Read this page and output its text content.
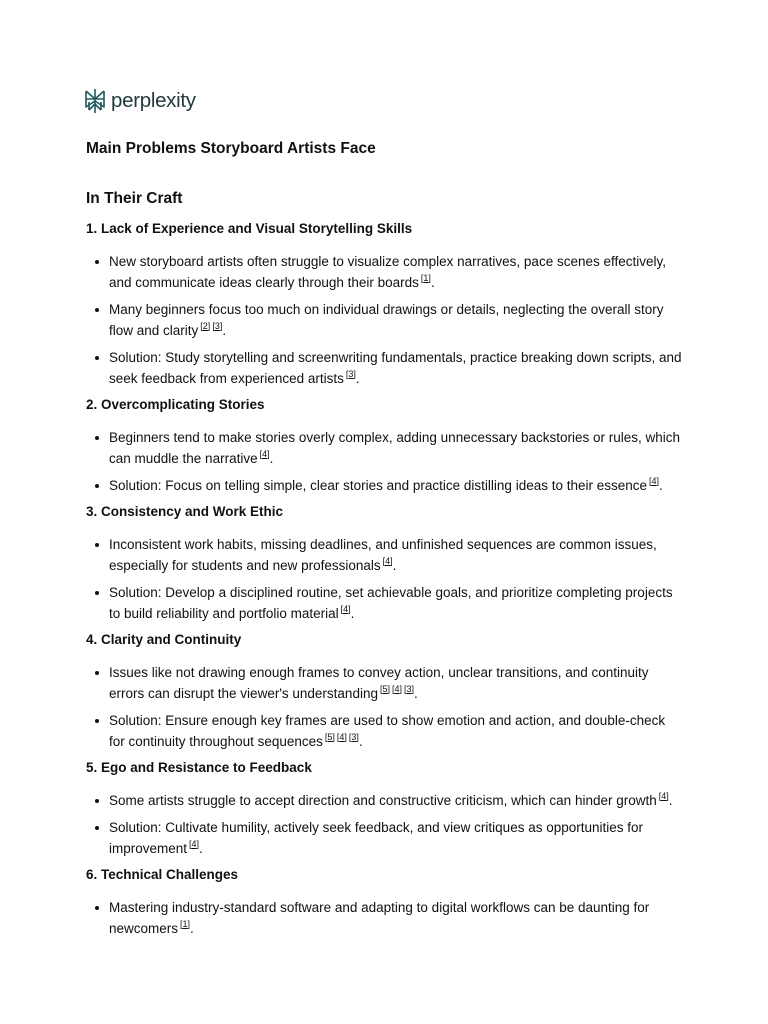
perplexity
Main Problems Storyboard Artists Face
In Their Craft
1. Lack of Experience and Visual Storytelling Skills
New storyboard artists often struggle to visualize complex narratives, pace scenes effectively, and communicate ideas clearly through their boards [1].
Many beginners focus too much on individual drawings or details, neglecting the overall story flow and clarity [2] [3].
Solution: Study storytelling and screenwriting fundamentals, practice breaking down scripts, and seek feedback from experienced artists [3].
2. Overcomplicating Stories
Beginners tend to make stories overly complex, adding unnecessary backstories or rules, which can muddle the narrative [4].
Solution: Focus on telling simple, clear stories and practice distilling ideas to their essence [4].
3. Consistency and Work Ethic
Inconsistent work habits, missing deadlines, and unfinished sequences are common issues, especially for students and new professionals [4].
Solution: Develop a disciplined routine, set achievable goals, and prioritize completing projects to build reliability and portfolio material [4].
4. Clarity and Continuity
Issues like not drawing enough frames to convey action, unclear transitions, and continuity errors can disrupt the viewer's understanding [5] [4] [3].
Solution: Ensure enough key frames are used to show emotion and action, and double-check for continuity throughout sequences [5] [4] [3].
5. Ego and Resistance to Feedback
Some artists struggle to accept direction and constructive criticism, which can hinder growth [4].
Solution: Cultivate humility, actively seek feedback, and view critiques as opportunities for improvement [4].
6. Technical Challenges
Mastering industry-standard software and adapting to digital workflows can be daunting for newcomers [1].
